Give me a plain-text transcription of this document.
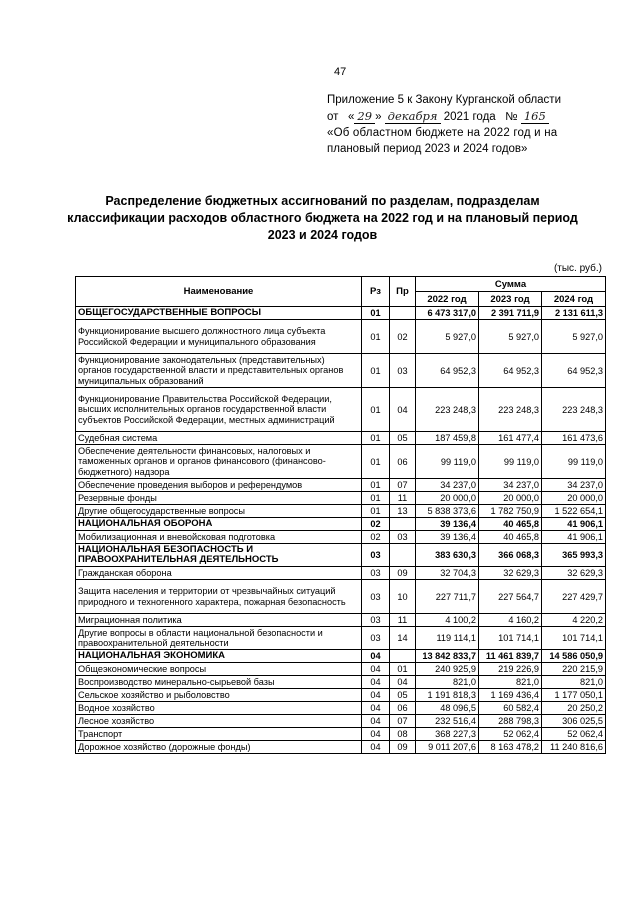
47
Приложение 5 к Закону Курганской области
от « 29 » декабря 2021 года № 165
«Об областном бюджете на 2022 год и на
плановый период 2023 и 2024 годов»
Распределение бюджетных ассигнований по разделам, подразделам классификации расходов областного бюджета на 2022 год и на плановый период 2023 и 2024 годов
(тыс. руб.)
Наименование	Рз	Пр	Сумма		
			2022 год	2023 год	2024 год
ОБЩЕГОСУДАРСТВЕННЫЕ ВОПРОСЫ	01		6 473 317,0	2 391 711,9	2 131 611,3
Функционирование высшего должностного лица субъекта Российской Федерации и муниципального образования	01	02	5 927,0	5 927,0	5 927,0
Функционирование законодательных (представительных) органов государственной власти и представительных органов муниципальных образований	01	03	64 952,3	64 952,3	64 952,3
Функционирование Правительства Российской Федерации, высших исполнительных органов государственной власти субъектов Российской Федерации, местных администраций	01	04	223 248,3	223 248,3	223 248,3
Судебная система	01	05	187 459,8	161 477,4	161 473,6
Обеспечение деятельности финансовых, налоговых и таможенных органов и органов финансового (финансово-бюджетного) надзора	01	06	99 119,0	99 119,0	99 119,0
Обеспечение проведения выборов и референдумов	01	07	34 237,0	34 237,0	34 237,0
Резервные фонды	01	11	20 000,0	20 000,0	20 000,0
Другие общегосударственные вопросы	01	13	5 838 373,6	1 782 750,9	1 522 654,1
НАЦИОНАЛЬНАЯ ОБОРОНА	02		39 136,4	40 465,8	41 906,1
Мобилизационная и вневойсковая подготовка	02	03	39 136,4	40 465,8	41 906,1
НАЦИОНАЛЬНАЯ БЕЗОПАСНОСТЬ И ПРАВООХРАНИТЕЛЬНАЯ ДЕЯТЕЛЬНОСТЬ	03		383 630,3	366 068,3	365 993,3
Гражданская оборона	03	09	32 704,3	32 629,3	32 629,3
Защита населения и территории от чрезвычайных ситуаций природного и техногенного характера, пожарная безопасность	03	10	227 711,7	227 564,7	227 429,7
Миграционная политика	03	11	4 100,2	4 160,2	4 220,2
Другие вопросы в области национальной безопасности и правоохранительной деятельности	03	14	119 114,1	101 714,1	101 714,1
НАЦИОНАЛЬНАЯ ЭКОНОМИКА	04		13 842 833,7	11 461 839,7	14 586 050,9
Общеэкономические вопросы	04	01	240 925,9	219 226,9	220 215,9
Воспроизводство минерально-сырьевой базы	04	04	821,0	821,0	821,0
Сельское хозяйство и рыболовство	04	05	1 191 818,3	1 169 436,4	1 177 050,1
Водное хозяйство	04	06	48 096,5	60 582,4	20 250,2
Лесное хозяйство	04	07	232 516,4	288 798,3	306 025,5
Транспорт	04	08	368 227,3	52 062,4	52 062,4
Дорожное хозяйство (дорожные фонды)	04	09	9 011 207,6	8 163 478,2	11 240 816,6
